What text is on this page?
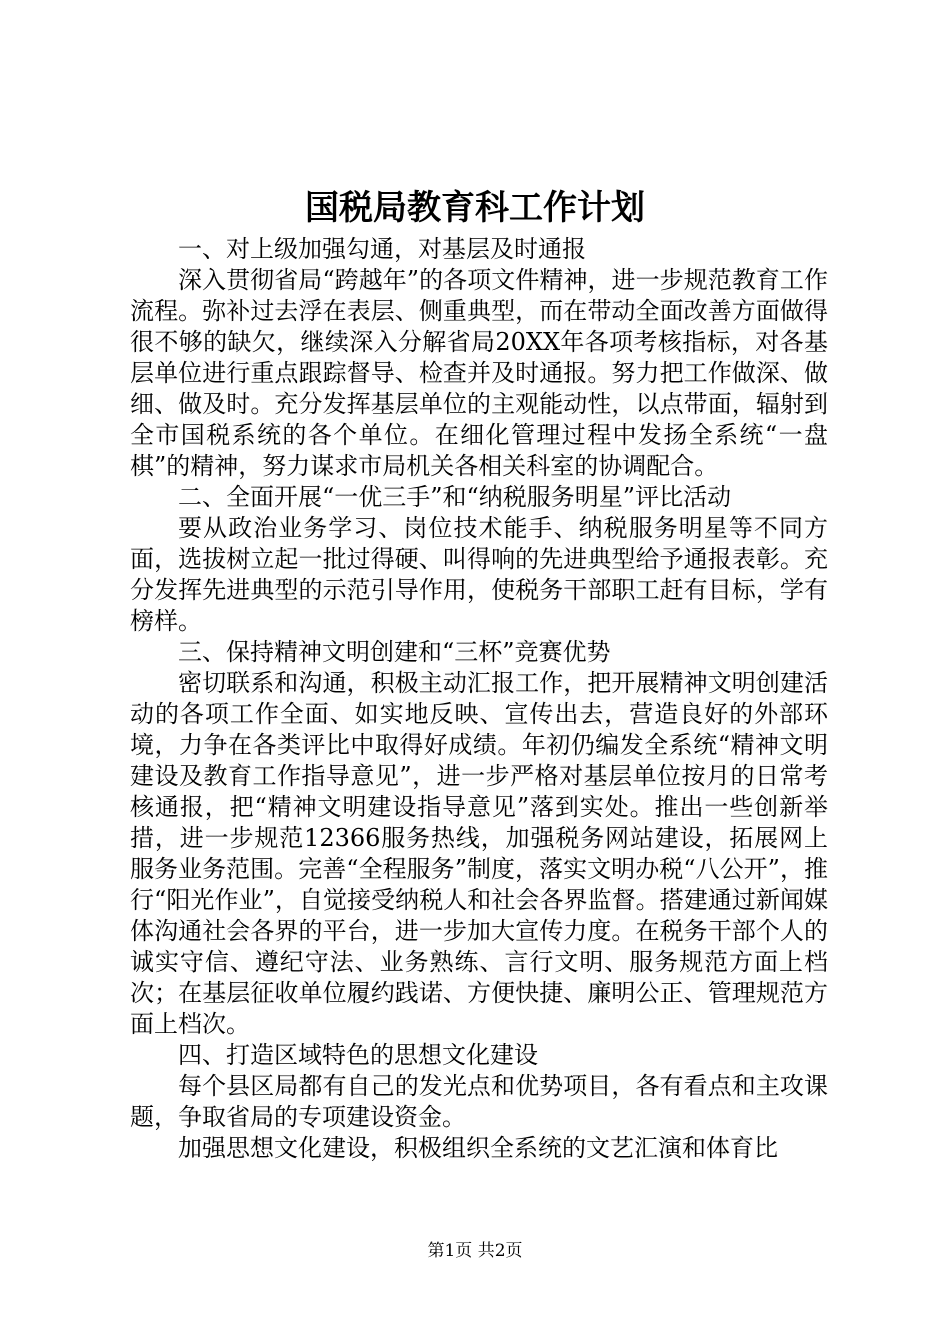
国税局教育科工作计划

一、对上级加强勾通，对基层及时通报

深入贯彻省局“跨越年”的各项文件精神，进一步规范教育工作流程。弥补过去浮在表层、侧重典型，而在带动全面改善方面做得很不够的缺欠，继续深入分解省局20XX年各项考核指标，对各基层单位进行重点跟踪督导、检查并及时通报。努力把工作做深、做细、做及时。充分发挥基层单位的主观能动性，以点带面，辐射到全市国税系统的各个单位。在细化管理过程中发扬全系统“一盘棋”的精神，努力谋求市局机关各相关科室的协调配合。

二、全面开展“一优三手”和“纳税服务明星”评比活动

要从政治业务学习、岗位技术能手、纳税服务明星等不同方面，选拔树立起一批过得硬、叫得响的先进典型给予通报表彰。充分发挥先进典型的示范引导作用，使税务干部职工赶有目标，学有榜样。

三、保持精神文明创建和“三杯”竞赛优势

密切联系和沟通，积极主动汇报工作，把开展精神文明创建活动的各项工作全面、如实地反映、宣传出去，营造良好的外部环境，力争在各类评比中取得好成绩。年初仍编发全系统“精神文明建设及教育工作指导意见”，进一步严格对基层单位按月的日常考核通报，把“精神文明建设指导意见”落到实处。推出一些创新举措，进一步规范12366服务热线，加强税务网站建设，拓展网上服务业务范围。完善“全程服务”制度，落实文明办税“八公开”，推行“阳光作业”，自觉接受纳税人和社会各界监督。搭建通过新闻媒体沟通社会各界的平台，进一步加大宣传力度。在税务干部个人的诚实守信、遵纪守法、业务熟练、言行文明、服务规范方面上档次；在基层征收单位履约践诺、方便快捷、廉明公正、管理规范方面上档次。

四、打造区域特色的思想文化建设

每个县区局都有自己的发光点和优势项目，各有看点和主攻课题，争取省局的专项建设资金。

加强思想文化建设，积极组织全系统的文艺汇演和体育比

第1页 共2页
